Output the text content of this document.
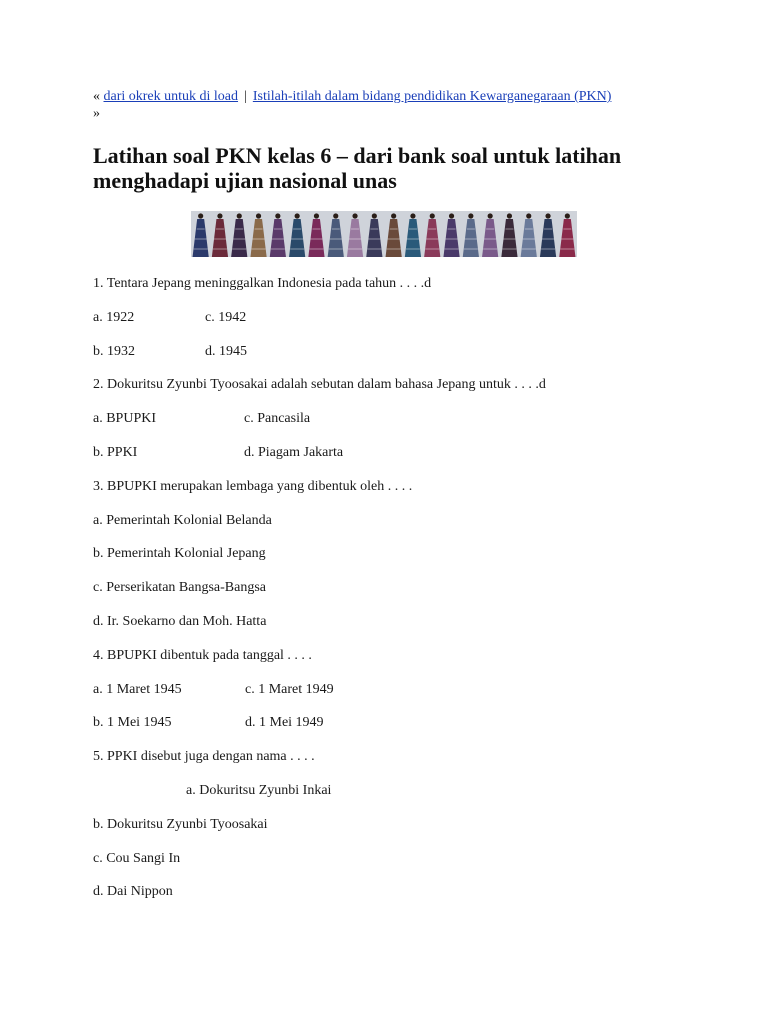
« dari okrek untuk di load | Istilah-itilah dalam bidang pendidikan Kewarganegaraan (PKN)
»

Latihan soal PKN kelas 6 – dari bank soal untuk latihan menghadapi ujian nasional unas
1. Tentara Jepang meninggalkan Indonesia pada tahun . . . .d
a. 1922	c. 1942
b. 1932	d. 1945
2. Dokuritsu Zyunbi Tyoosakai adalah sebutan dalam bahasa Jepang untuk . . . .d
a. BPUPKI	c. Pancasila
b. PPKI	d. Piagam Jakarta
3. BPUPKI merupakan lembaga yang dibentuk oleh . . . .
a. Pemerintah Kolonial Belanda
b. Pemerintah Kolonial Jepang
c. Perserikatan Bangsa-Bangsa
d. Ir. Soekarno dan Moh. Hatta
4. BPUPKI dibentuk pada tanggal . . . .
a. 1 Maret 1945	c. 1 Maret 1949
b. 1 Mei 1945	d. 1 Mei 1949
5. PPKI disebut juga dengan nama . . . .
a. Dokuritsu Zyunbi Inkai
b. Dokuritsu Zyunbi Tyoosakai
c. Cou Sangi In
d. Dai Nippon
